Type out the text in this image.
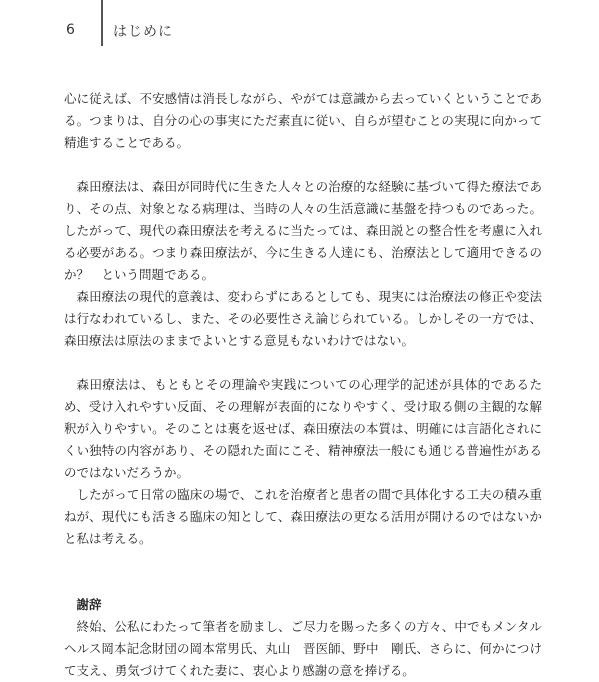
6	はじめに

心に従えば、不安感情は消長しながら、やがては意識から去っていくということである。つまりは、自分の心の事実にただ素直に従い、自らが望むことの実現に向かって精進することである。

森田療法は、森田が同時代に生きた人々との治療的な経験に基づいて得た療法であり、その点、対象となる病理は、当時の人々の生活意識に基盤を持つものであった。したがって、現代の森田療法を考えるに当たっては、森田説との整合性を考慮に入れる必要がある。つまり森田療法が、今に生きる人達にも、治療法として適用できるのか？　という問題である。

森田療法の現代的意義は、変わらずにあるとしても、現実には治療法の修正や変法は行なわれているし、また、その必要性さえ論じられている。しかしその一方では、森田療法は原法のままでよいとする意見もないわけではない。

森田療法は、もともとその理論や実践についての心理学的記述が具体的であるため、受け入れやすい反面、その理解が表面的になりやすく、受け取る側の主観的な解釈が入りやすい。そのことは裏を返せば、森田療法の本質は、明確には言語化されにくい独特の内容があり、その隠れた面にこそ、精神療法一般にも通じる普遍性があるのではないだろうか。

したがって日常の臨床の場で、これを治療者と患者の間で具体化する工夫の積み重ねが、現代にも活きる臨床の知として、森田療法の更なる活用が開けるのではないかと私は考える。

謝辞

終始、公私にわたって筆者を励まし、ご尽力を賜った多くの方々、中でもメンタルヘルス岡本記念財団の岡本常男氏、丸山　晋医師、野中　剛氏、さらに、何かにつけて支え、勇気づけてくれた妻に、衷心より感謝の意を捧げる。
